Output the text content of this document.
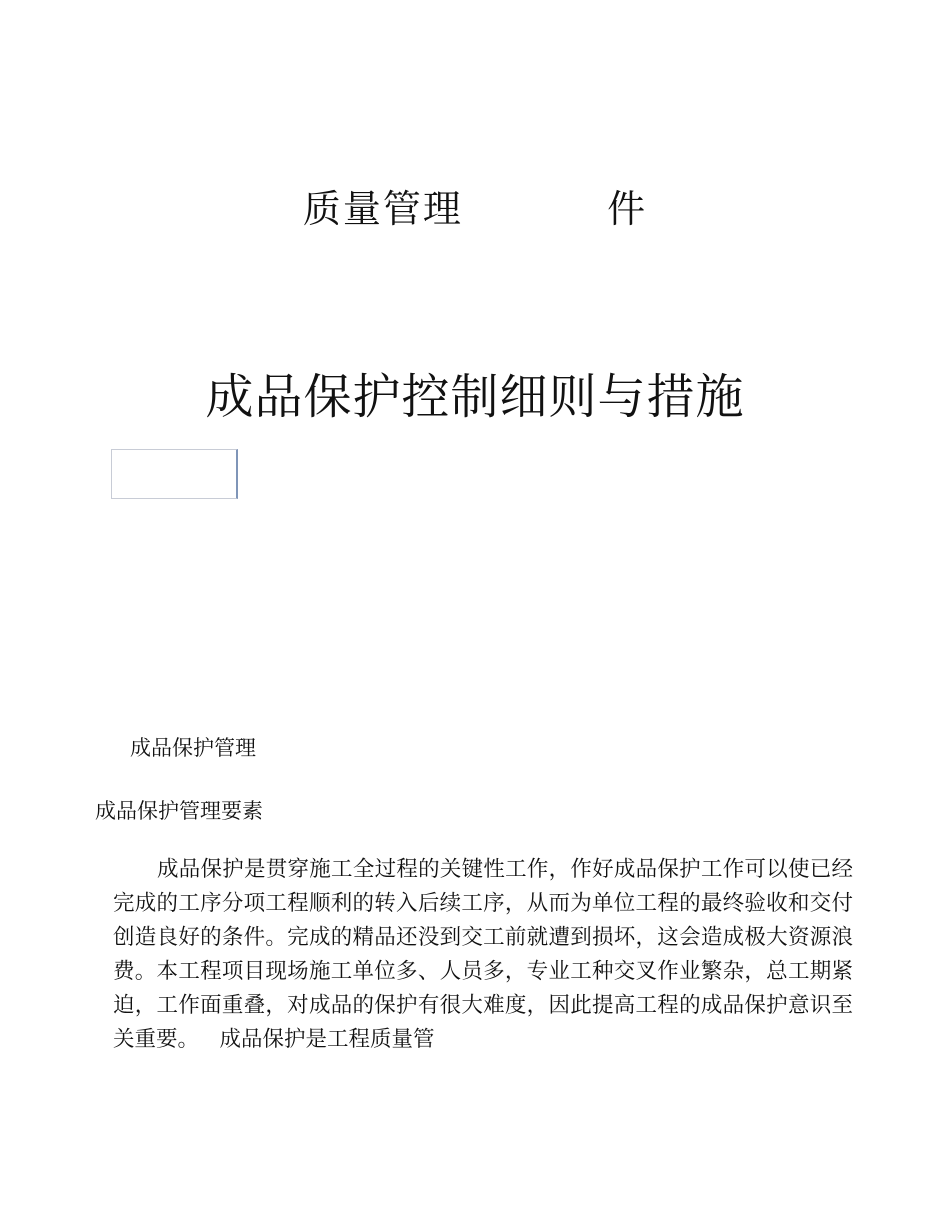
质量管理    件
成品保护控制细则与措施
成品保护管理
成品保护管理要素
成品保护是贯穿施工全过程的关键性工作，作好成品保护工作可以使已经完成的工序分项工程顺利的转入后续工序，从而为单位工程的最终验收和交付创造良好的条件。完成的精品还没到交工前就遭到损坏，这会造成极大资源浪费。本工程项目现场施工单位多、人员多，专业工种交叉作业繁杂，总工期紧迫，工作面重叠，对成品的保护有很大难度，因此提高工程的成品保护意识至关重要。   成品保护是工程质量管
